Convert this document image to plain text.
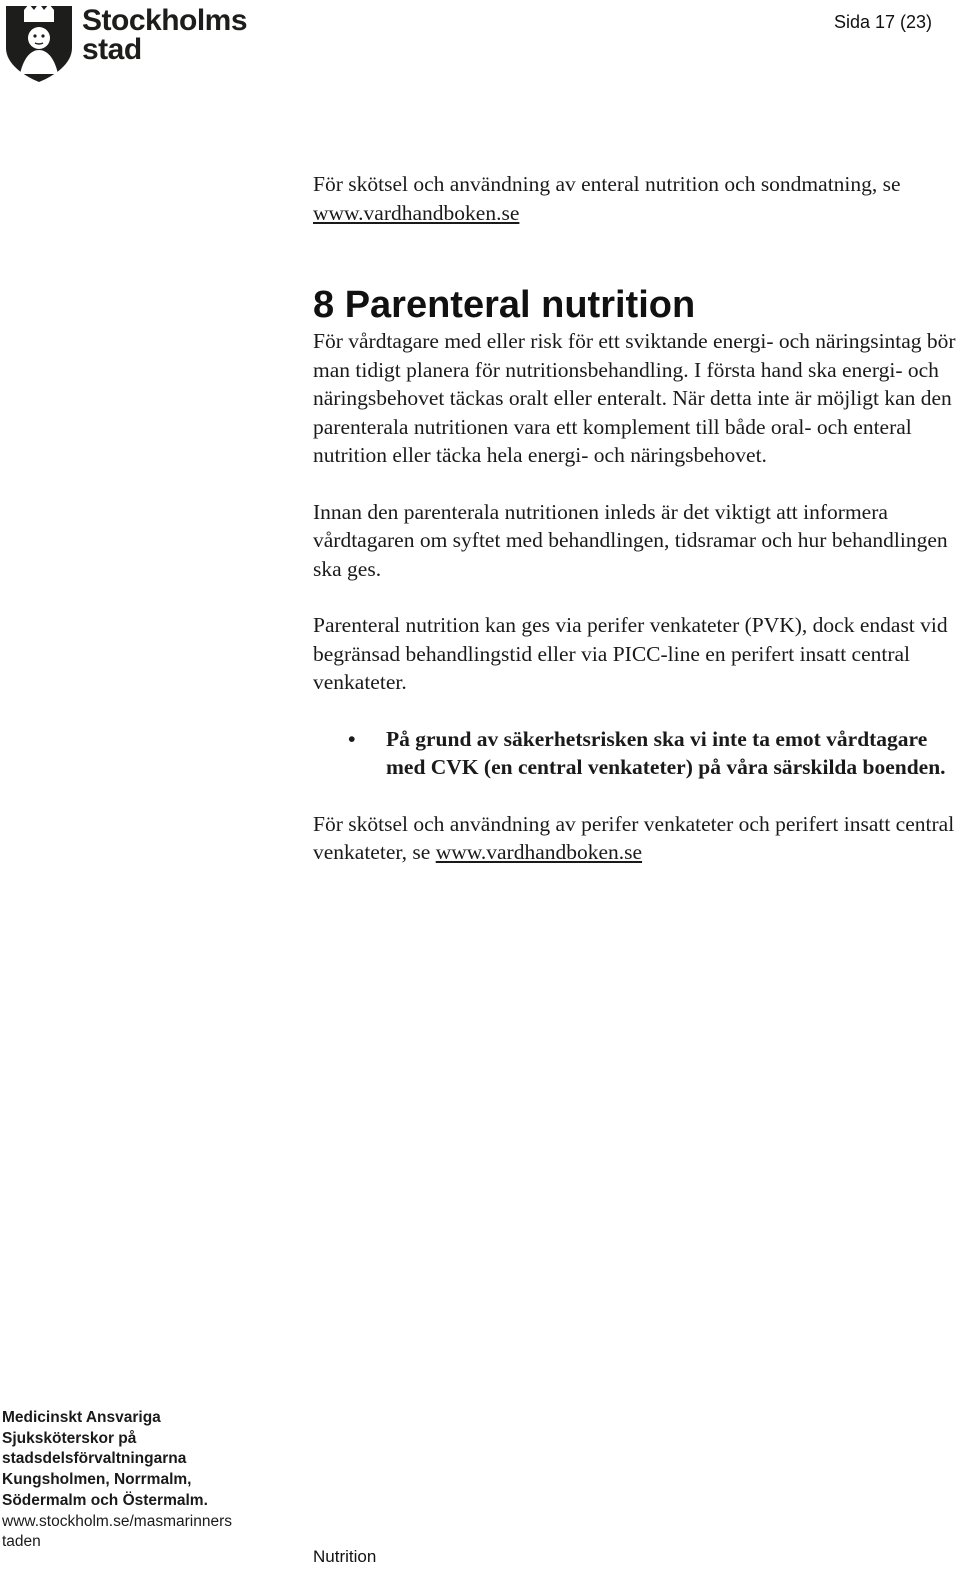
Stockholms
stad
Sida 17 (23)

För skötsel och användning av enteral nutrition och sondmatning, se www.vardhandboken.se

8 Parenteral nutrition

För vårdtagare med eller risk för ett sviktande energi- och näringsintag bör man tidigt planera för nutritionsbehandling. I första hand ska energi- och näringsbehovet täckas oralt eller enteralt. När detta inte är möjligt kan den parenterala nutritionen vara ett komplement till både oral- och enteral nutrition eller täcka hela energi- och näringsbehovet.

Innan den parenterala nutritionen inleds är det viktigt att informera vårdtagaren om syftet med behandlingen, tidsramar och hur behandlingen ska ges.

Parenteral nutrition kan ges via perifer venkateter (PVK), dock endast vid begränsad behandlingstid eller via PICC-line en perifert insatt central venkateter.

• På grund av säkerhetsrisken ska vi inte ta emot vårdtagare med CVK (en central venkateter) på våra särskilda boenden.

För skötsel och användning av perifer venkateter och perifert insatt central venkateter, se www.vardhandboken.se

Medicinskt Ansvariga
Sjuksköterskor på
stadsdelsförvaltningarna
Kungsholmen, Norrmalm,
Södermalm och Östermalm.
www.stockholm.se/masmarinners
taden
Nutrition
